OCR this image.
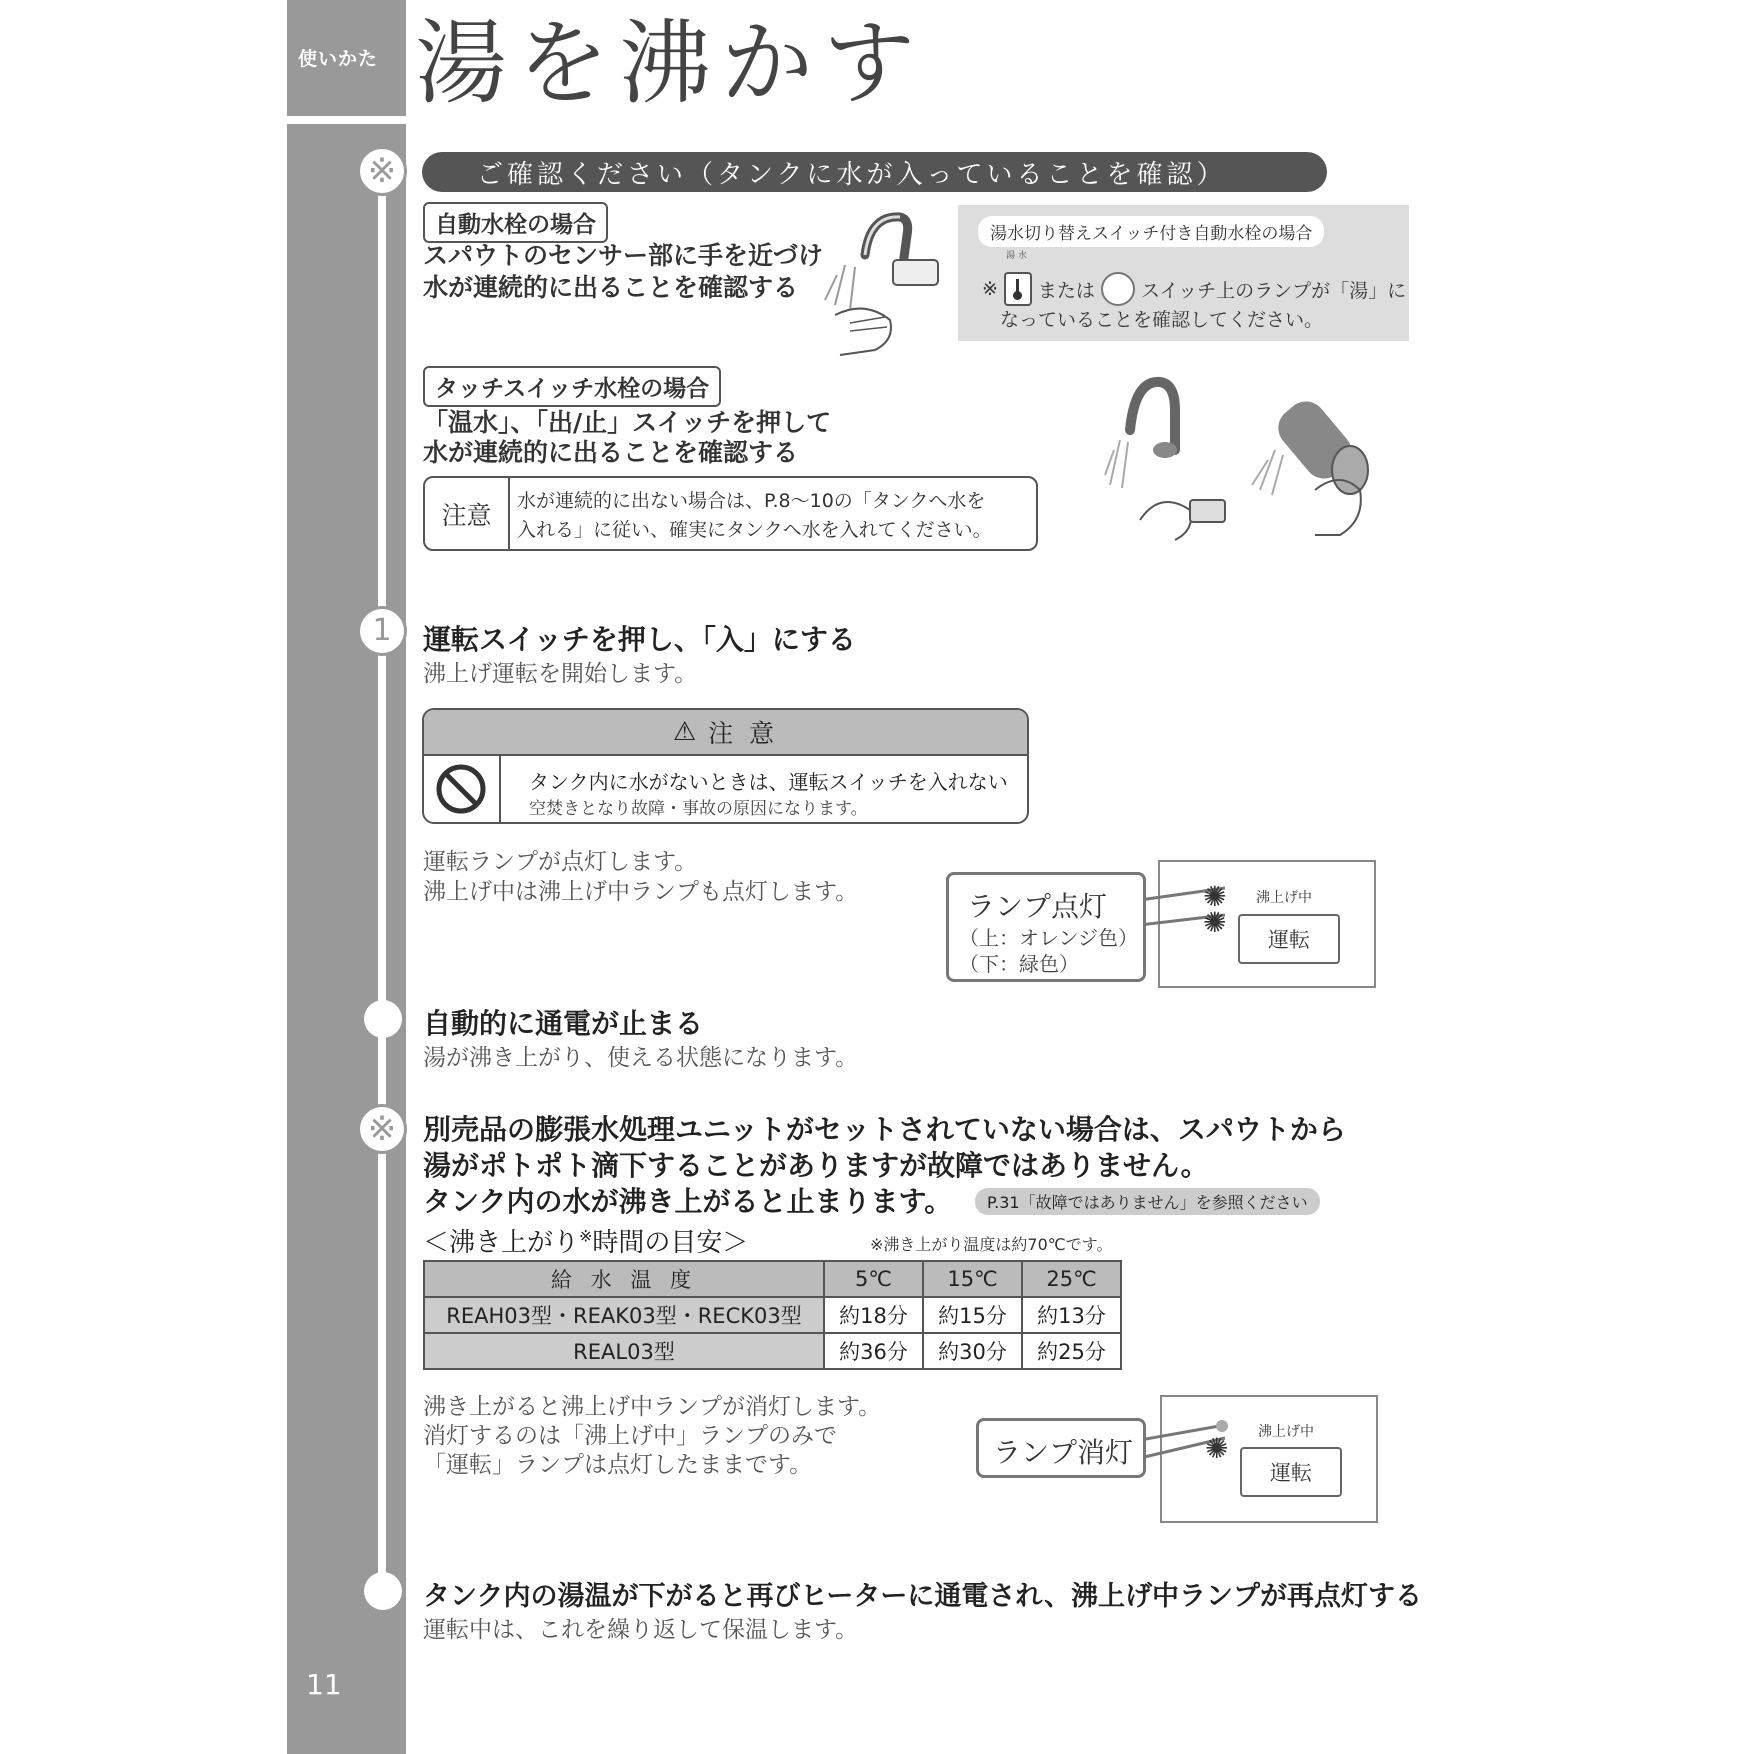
使いかた 湯を沸かす
※
1
※
ご確認ください（タンクに水が入っていることを確認）
自動水栓の場合
スパウトのセンサー部に手を近づけ
水が連続的に出ることを確認する
湯水切り替えスイッチ付き自動水栓の場合
※ または スイッチ上のランプが「湯」に
湯 水
なっていることを確認してください。
タッチスイッチ水栓の場合
「温水」、「出/止」スイッチを押して
水が連続的に出ることを確認する
注意	水が連続的に出ない場合は、P.8～10の「タンクへ水を
入れる」に従い、確実にタンクへ水を入れてください。
運転スイッチを押し、「入」にする
沸上げ運転を開始します。
⚠ 注 意
タンク内に水がないときは、運転スイッチを入れない
空焚きとなり故障・事故の原因になります。
運転ランプが点灯します。
沸上げ中は沸上げ中ランプも点灯します。	ランプ点灯
（上：オレンジ色）
（下：緑色）
✺
✺
沸上げ中
運転
自動的に通電が止まる
湯が沸き上がり、使える状態になります。
別売品の膨張水処理ユニットがセットされていない場合は、スパウトから
湯がポトポト滴下することがありますが故障ではありません。
タンク内の水が沸き上がると止まります。	P.31「故障ではありません」を参照ください
＜沸き上がり※時間の目安＞	※沸き上がり温度は約70℃です。
給 水 温 度	5℃	15℃	25℃
REAH03型・REAK03型・RECK03型	約18分	約15分	約13分
REAL03型	約36分	約30分	約25分
沸き上がると沸上げ中ランプが消灯します。
消灯するのは「沸上げ中」ランプのみで
「運転」ランプは点灯したままです。	ランプ消灯	✺ 沸上げ中
運転
タンク内の湯温が下がると再びヒーターに通電され、沸上げ中ランプが再点灯する
運転中は、これを繰り返して保温します。
11
